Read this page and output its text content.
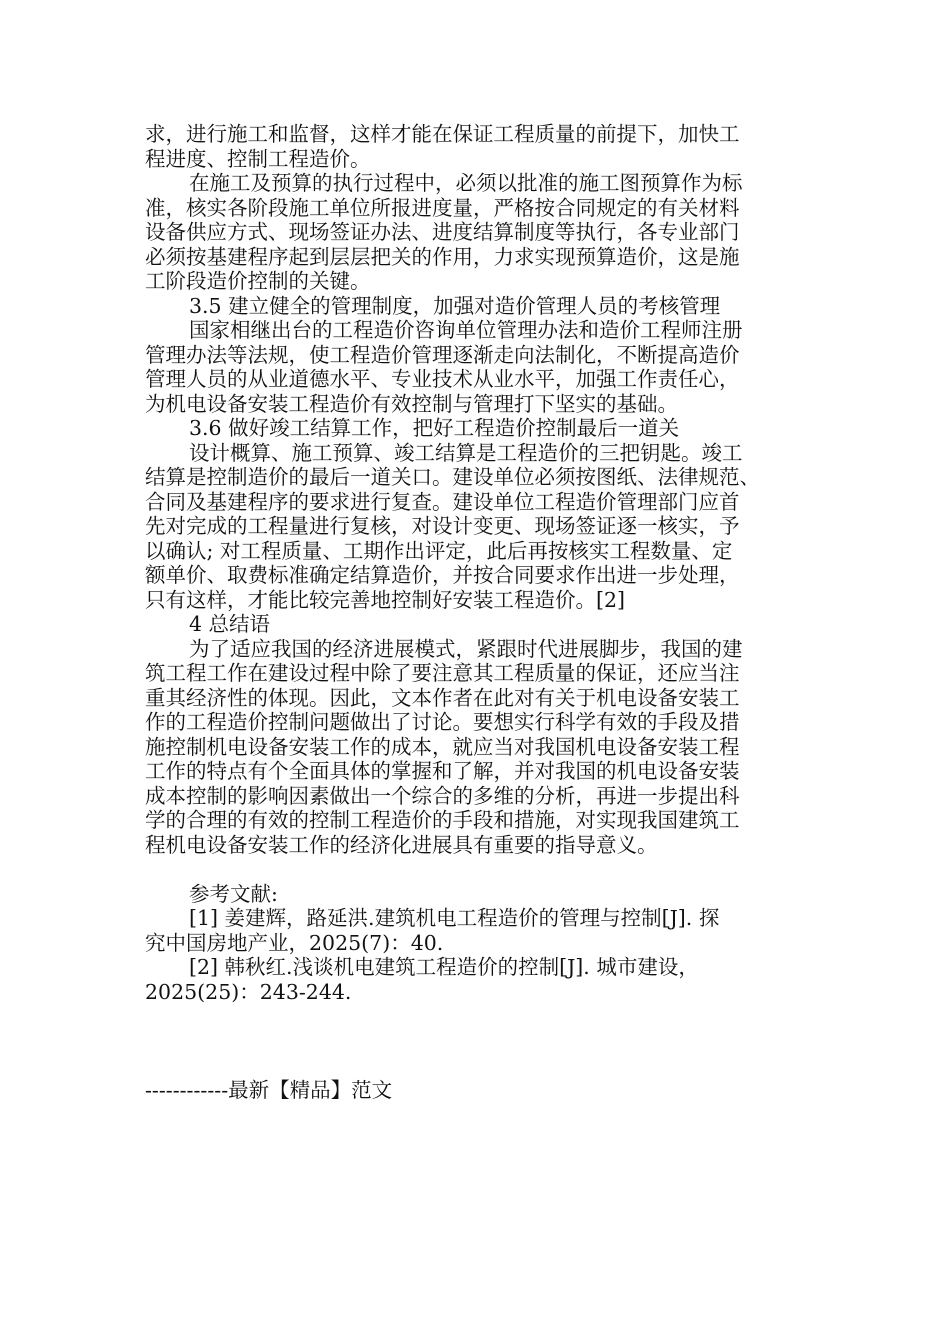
求，进行施工和监督，这样才能在保证工程质量的前提下，加快工
程进度、控制工程造价。
在施工及预算的执行过程中，必须以批准的施工图预算作为标
准，核实各阶段施工单位所报进度量，严格按合同规定的有关材料
设备供应方式、现场签证办法、进度结算制度等执行，各专业部门
必须按基建程序起到层层把关的作用，力求实现预算造价，这是施
工阶段造价控制的关键。
3.5 建立健全的管理制度，加强对造价管理人员的考核管理
国家相继出台的工程造价咨询单位管理办法和造价工程师注册
管理办法等法规，使工程造价管理逐渐走向法制化，不断提高造价
管理人员的从业道德水平、专业技术从业水平，加强工作责任心，
为机电设备安装工程造价有效控制与管理打下坚实的基础。
3.6 做好竣工结算工作，把好工程造价控制最后一道关
设计概算、施工预算、竣工结算是工程造价的三把钥匙。竣工
结算是控制造价的最后一道关口。建设单位必须按图纸、法律规范、
合同及基建程序的要求进行复查。建设单位工程造价管理部门应首
先对完成的工程量进行复核，对设计变更、现场签证逐一核实，予
以确认; 对工程质量、工期作出评定，此后再按核实工程数量、定
额单价、取费标准确定结算造价，并按合同要求作出进一步处理，
只有这样，才能比较完善地控制好安装工程造价。[2]
4 总结语
为了适应我国的经济进展模式，紧跟时代进展脚步，我国的建
筑工程工作在建设过程中除了要注意其工程质量的保证，还应当注
重其经济性的体现。因此，文本作者在此对有关于机电设备安装工
作的工程造价控制问题做出了讨论。要想实行科学有效的手段及措
施控制机电设备安装工作的成本，就应当对我国机电设备安装工程
工作的特点有个全面具体的掌握和了解，并对我国的机电设备安装
成本控制的影响因素做出一个综合的多维的分析，再进一步提出科
学的合理的有效的控制工程造价的手段和措施，对实现我国建筑工
程机电设备安装工作的经济化进展具有重要的指导意义。
参考文献:
[1] 姜建辉，路延洪.建筑机电工程造价的管理与控制[J]. 探
究中国房地产业，2025(7)：40.
[2] 韩秋红.浅谈机电建筑工程造价的控制[J]. 城市建设，
2025(25)：243-244.
------------最新【精品】范文
